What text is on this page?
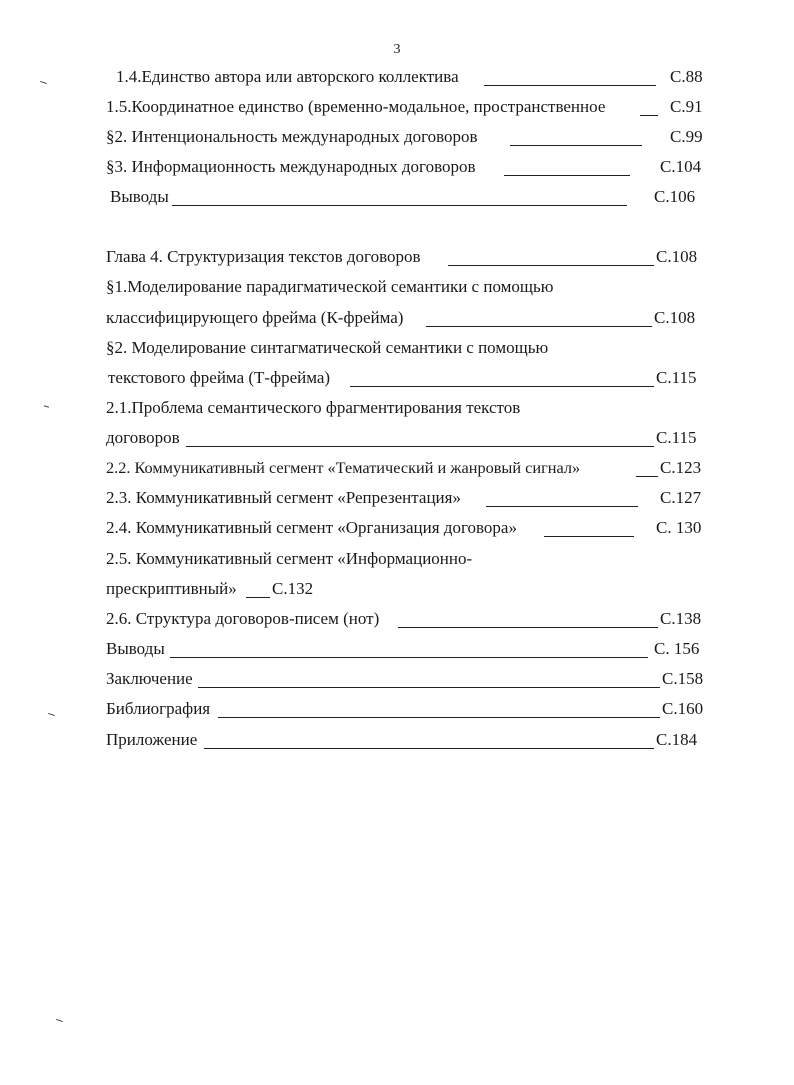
3
1.4.Единство автора или авторского коллектива	С.88
1.5.Координатное единство (временно-модальное, пространственное	С.91
§2. Интенциональность международных договоров	С.99
§3. Информационность международных договоров	С.104
Выводы	С.106
Глава 4. Структуризация текстов договоров	С.108
§1.Моделирование парадигматической семантики с помощью
классифицирующего фрейма (К-фрейма)	С.108
§2. Моделирование синтагматической семантики с помощью
текстового фрейма (Т-фрейма)	С.115
2.1.Проблема семантического фрагментирования текстов
договоров	С.115
2.2. Коммуникативный сегмент «Тематический и жанровый сигнал»	С.123
2.3. Коммуникативный сегмент «Репрезентация»	С.127
2.4. Коммуникативный сегмент «Организация договора»	С. 130
2.5. Коммуникативный сегмент «Информационно-
прескриптивный» С.132
2.6. Структура договоров-писем (нот)	С.138
Выводы	С. 156
Заключение	С.158
Библиография	С.160
Приложение	С.184
